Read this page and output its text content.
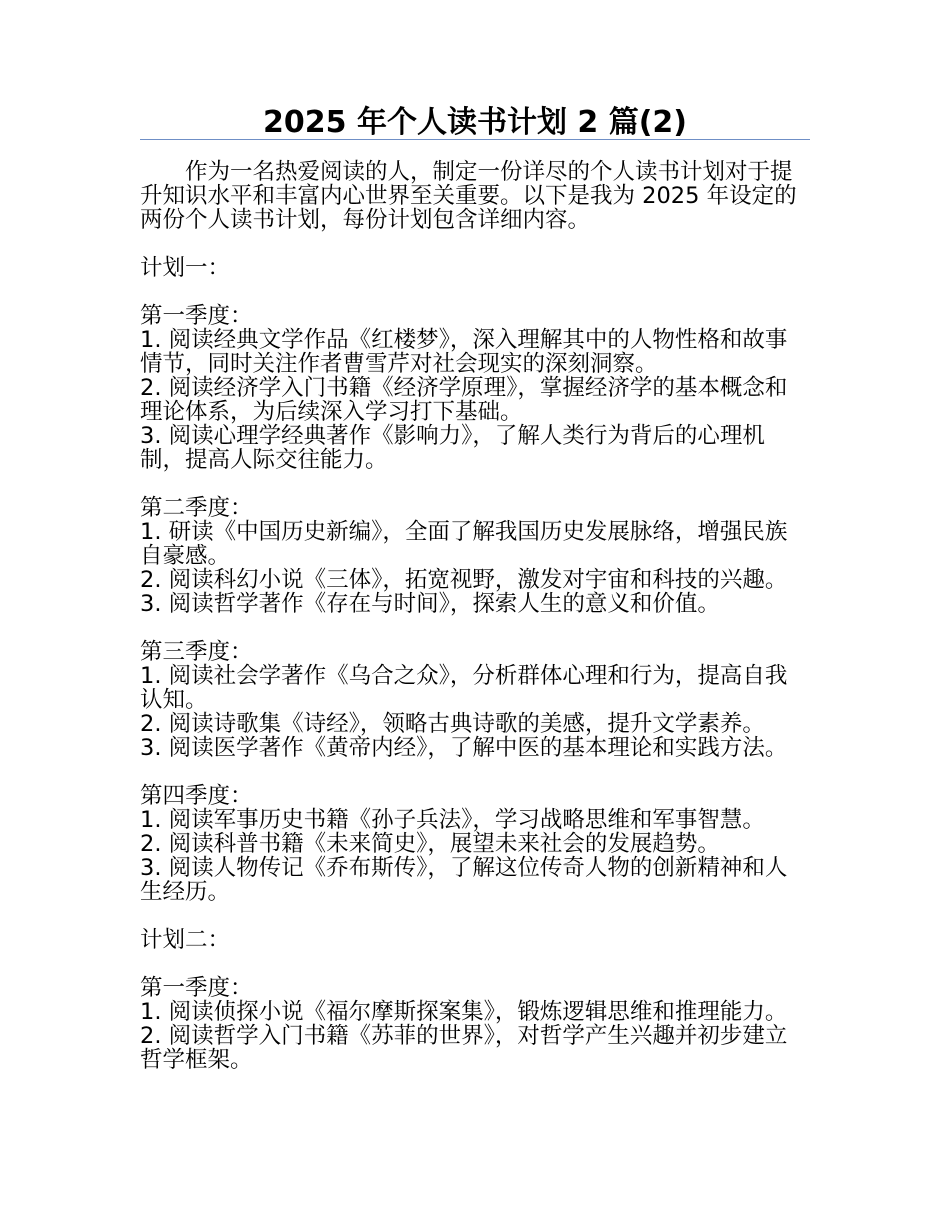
2025 年个人读书计划 2 篇(2)

作为一名热爱阅读的人，制定一份详尽的个人读书计划对于提升知识水平和丰富内心世界至关重要。以下是我为 2025 年设定的两份个人读书计划，每份计划包含详细内容。

计划一：

第一季度：

1. 阅读经典文学作品《红楼梦》，深入理解其中的人物性格和故事情节，同时关注作者曹雪芹对社会现实的深刻洞察。

2. 阅读经济学入门书籍《经济学原理》，掌握经济学的基本概念和理论体系，为后续深入学习打下基础。

3. 阅读心理学经典著作《影响力》，了解人类行为背后的心理机制，提高人际交往能力。

第二季度：

1. 研读《中国历史新编》，全面了解我国历史发展脉络，增强民族自豪感。

2. 阅读科幻小说《三体》，拓宽视野，激发对宇宙和科技的兴趣。

3. 阅读哲学著作《存在与时间》，探索人生的意义和价值。

第三季度：

1. 阅读社会学著作《乌合之众》，分析群体心理和行为，提高自我认知。

2. 阅读诗歌集《诗经》，领略古典诗歌的美感，提升文学素养。

3. 阅读医学著作《黄帝内经》，了解中医的基本理论和实践方法。

第四季度：

1. 阅读军事历史书籍《孙子兵法》，学习战略思维和军事智慧。

2. 阅读科普书籍《未来简史》，展望未来社会的发展趋势。

3. 阅读人物传记《乔布斯传》，了解这位传奇人物的创新精神和人生经历。

计划二：

第一季度：

1. 阅读侦探小说《福尔摩斯探案集》，锻炼逻辑思维和推理能力。

2. 阅读哲学入门书籍《苏菲的世界》，对哲学产生兴趣并初步建立哲学框架。
